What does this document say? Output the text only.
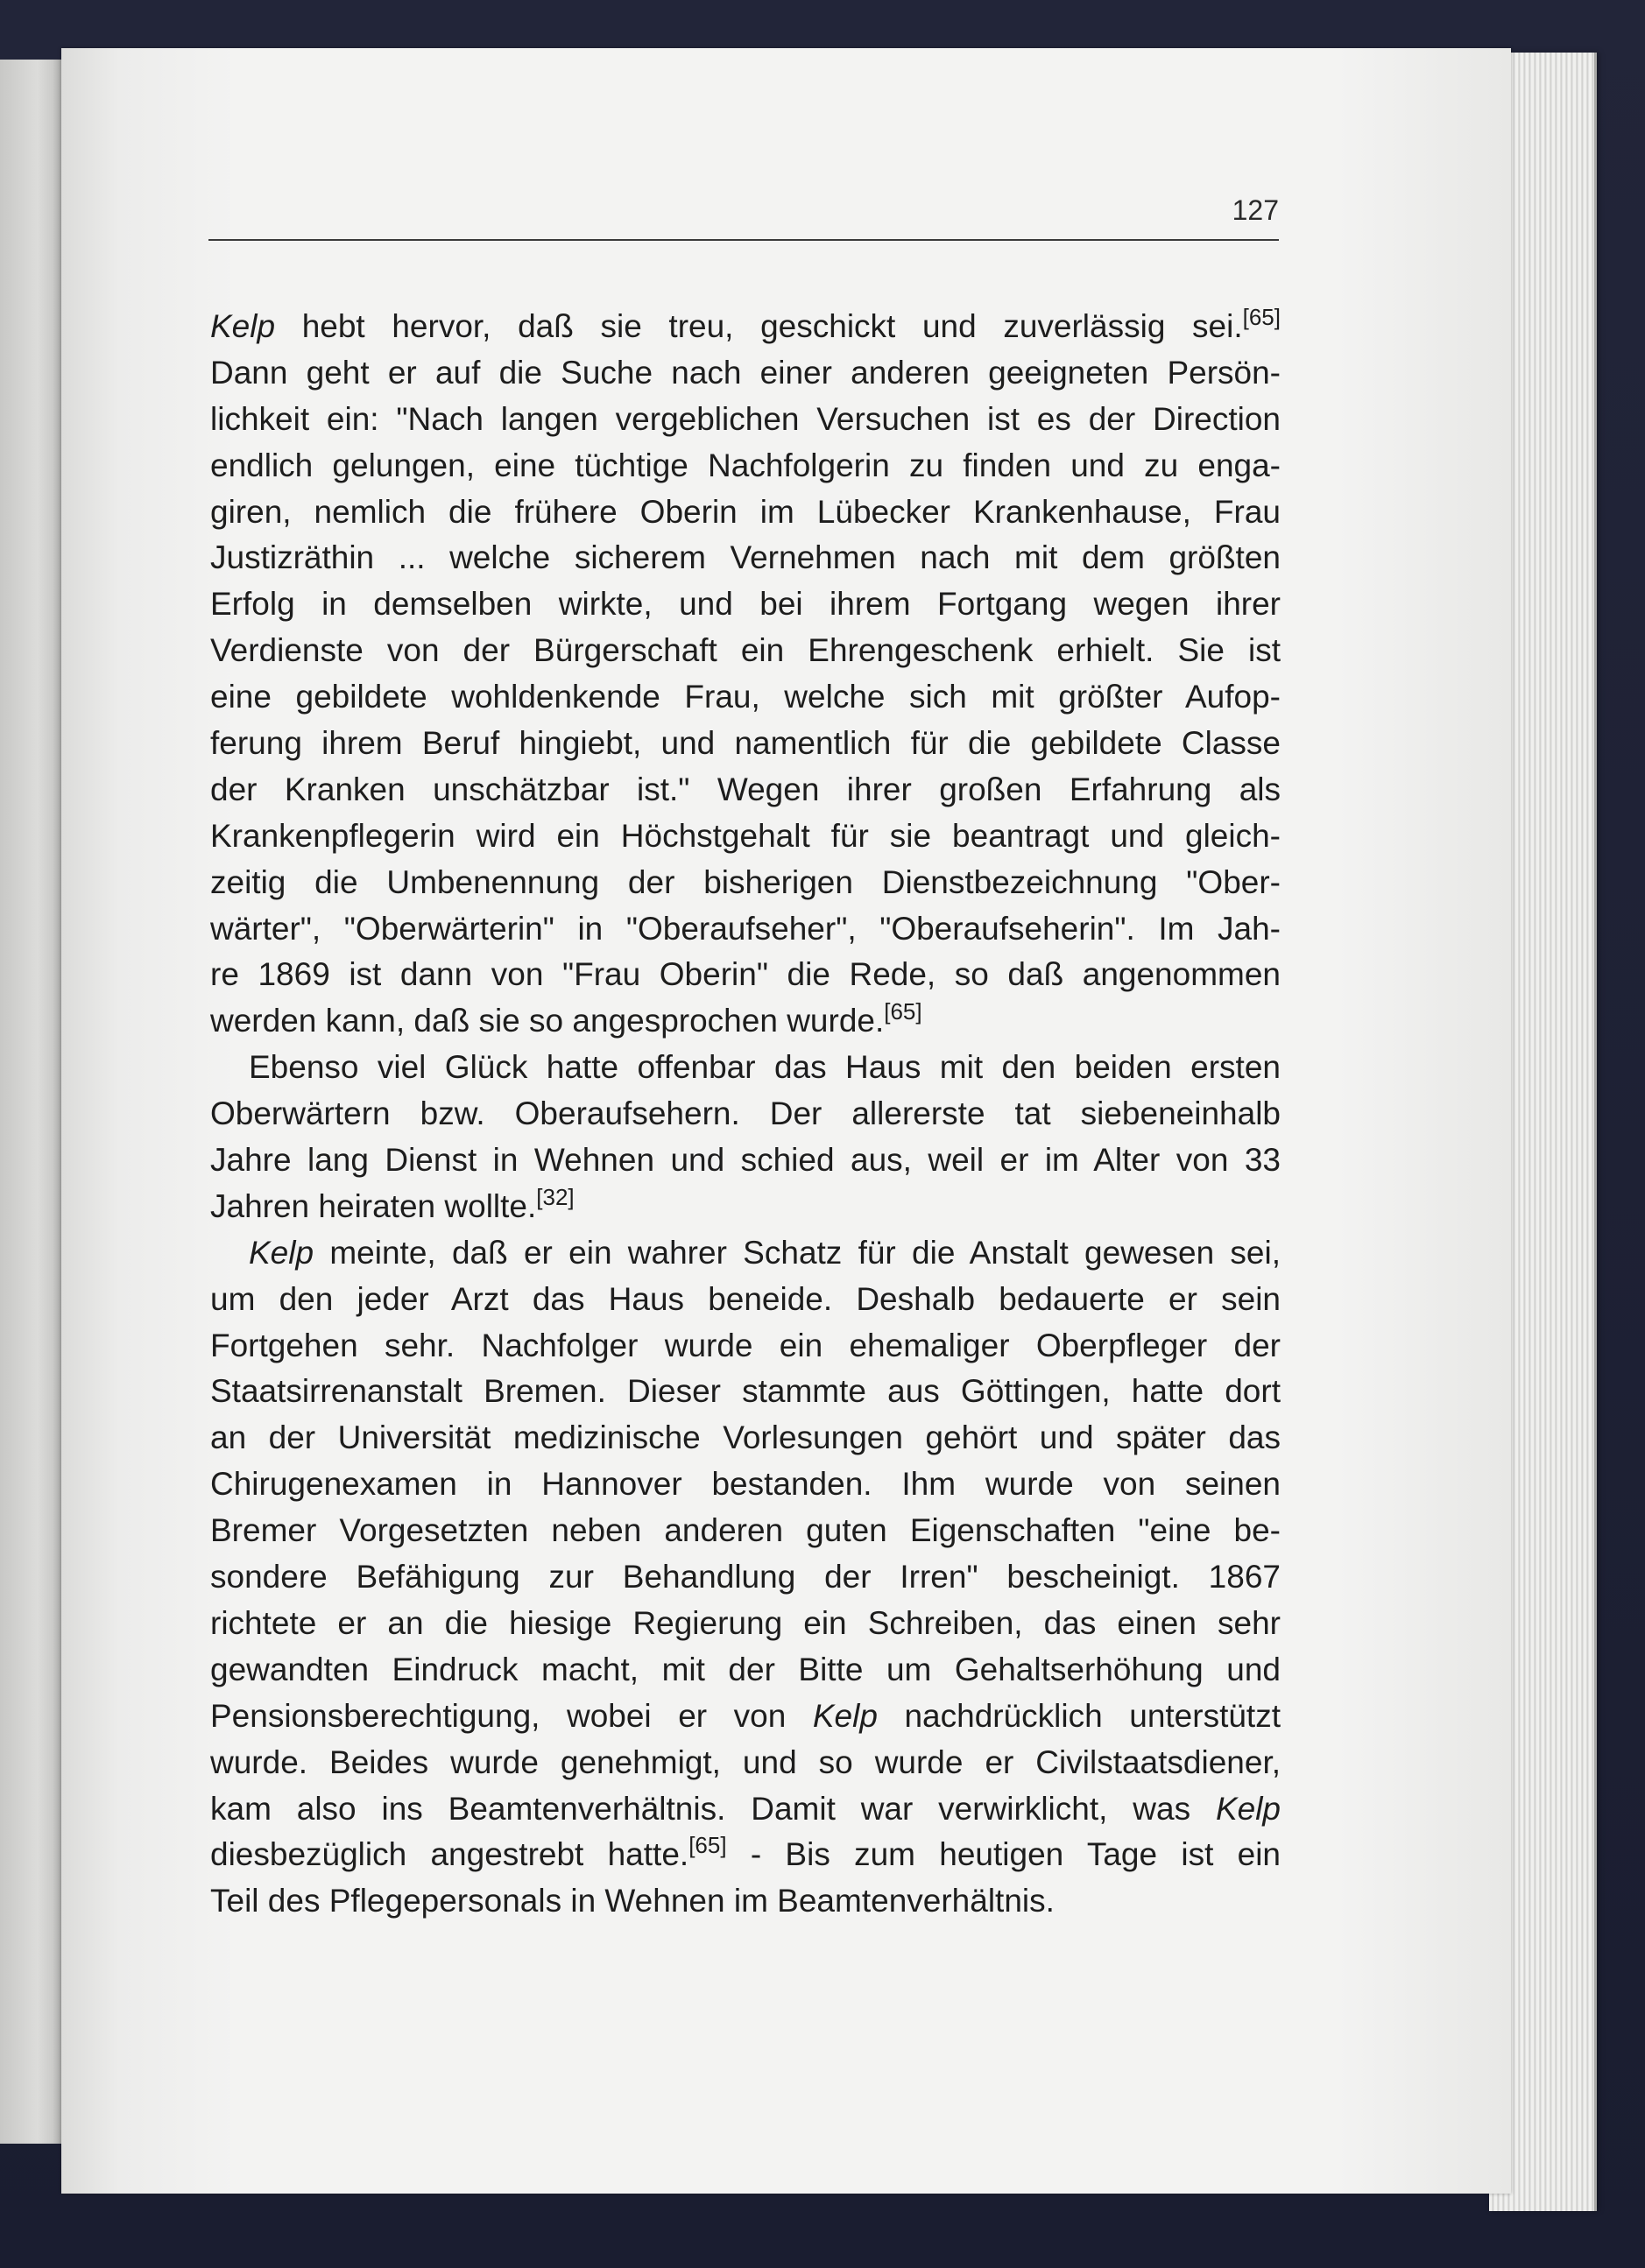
127
Kelp hebt hervor, daß sie treu, geschickt und zuverlässig sei.[65]
Dann geht er auf die Suche nach einer anderen geeigneten Persön-
lichkeit ein: "Nach langen vergeblichen Versuchen ist es der Direction
endlich gelungen, eine tüchtige Nachfolgerin zu finden und zu enga-
giren, nemlich die frühere Oberin im Lübecker Krankenhause, Frau
Justizräthin ... welche sicherem Vernehmen nach mit dem größten
Erfolg in demselben wirkte, und bei ihrem Fortgang wegen ihrer
Verdienste von der Bürgerschaft ein Ehrengeschenk erhielt. Sie ist
eine gebildete wohldenkende Frau, welche sich mit größter Aufop-
ferung ihrem Beruf hingiebt, und namentlich für die gebildete Classe
der Kranken unschätzbar ist." Wegen ihrer großen Erfahrung als
Krankenpflegerin wird ein Höchstgehalt für sie beantragt und gleich-
zeitig die Umbenennung der bisherigen Dienstbezeichnung "Ober-
wärter", "Oberwärterin" in "Oberaufseher", "Oberaufseherin". Im Jah-
re 1869 ist dann von "Frau Oberin" die Rede, so daß angenommen
werden kann, daß sie so angesprochen wurde.[65]
Ebenso viel Glück hatte offenbar das Haus mit den beiden ersten
Oberwärtern bzw. Oberaufsehern. Der allererste tat siebeneinhalb
Jahre lang Dienst in Wehnen und schied aus, weil er im Alter von 33
Jahren heiraten wollte.[32]
Kelp meinte, daß er ein wahrer Schatz für die Anstalt gewesen sei,
um den jeder Arzt das Haus beneide. Deshalb bedauerte er sein
Fortgehen sehr. Nachfolger wurde ein ehemaliger Oberpfleger der
Staatsirrenanstalt Bremen. Dieser stammte aus Göttingen, hatte dort
an der Universität medizinische Vorlesungen gehört und später das
Chirugenexamen in Hannover bestanden. Ihm wurde von seinen
Bremer Vorgesetzten neben anderen guten Eigenschaften "eine be-
sondere Befähigung zur Behandlung der Irren" bescheinigt. 1867
richtete er an die hiesige Regierung ein Schreiben, das einen sehr
gewandten Eindruck macht, mit der Bitte um Gehaltserhöhung und
Pensionsberechtigung, wobei er von Kelp nachdrücklich unterstützt
wurde. Beides wurde genehmigt, und so wurde er Civilstaatsdiener,
kam also ins Beamtenverhältnis. Damit war verwirklicht, was Kelp
diesbezüglich angestrebt hatte.[65] - Bis zum heutigen Tage ist ein
Teil des Pflegepersonals in Wehnen im Beamtenverhältnis.
